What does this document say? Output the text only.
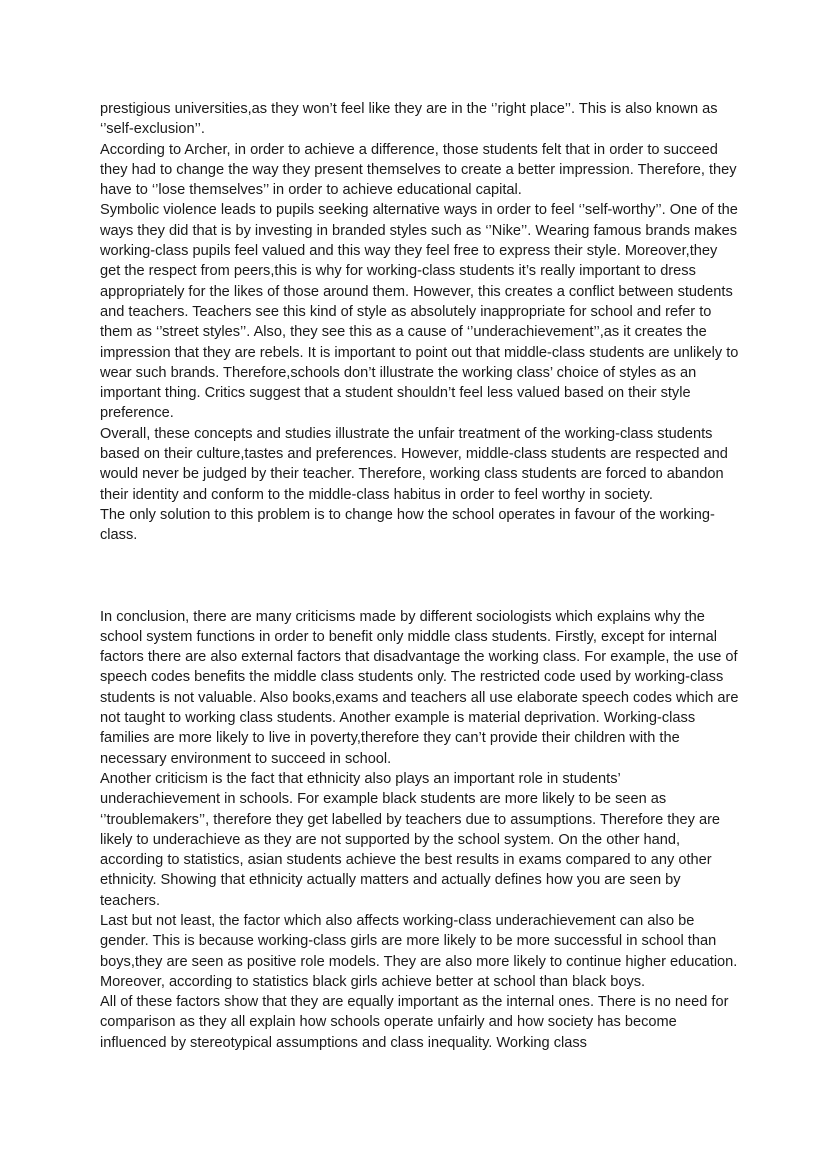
prestigious universities,as they won’t feel like they are in the ‘’right place’’. This is also known as ‘’self-exclusion’’.

According to Archer, in order to achieve a difference, those students felt that in order to succeed they had to change the way they present themselves to create a better impression. Therefore, they have to ‘’lose themselves’’ in order to achieve educational capital.

Symbolic violence leads to pupils seeking alternative ways in order to feel ‘’self-worthy’’. One of the ways they did that is by investing in branded styles such as ‘’Nike’’. Wearing famous brands makes working-class pupils feel valued and this way they feel free to express their style. Moreover,they get the respect from peers,this is why for working-class students it’s really important to dress appropriately for the likes of those around them. However, this creates a conflict between students and teachers. Teachers see this kind of style as absolutely inappropriate for school and refer to them as ‘’street styles’’. Also, they see this as a cause of ‘’underachievement’’,as it creates the impression that they are rebels. It is important to point out that middle-class students are unlikely to wear such brands. Therefore,schools don’t illustrate the working class’ choice of styles as an important thing. Critics suggest that a student shouldn’t feel less valued based on their style preference.

Overall, these concepts and studies illustrate the unfair treatment of the working-class students based on their culture,tastes and preferences. However, middle-class students are respected and would never be judged by their teacher. Therefore, working class students are forced to abandon their identity and conform to the middle-class habitus in order to feel worthy in society.

The only solution to this problem is to change how the school operates in favour of the working-class.

In conclusion, there are many criticisms made by different sociologists which explains why the school system functions in order to benefit only middle class students. Firstly, except for internal factors there are also external factors that disadvantage the working class. For example, the use of speech codes benefits the middle class students only. The restricted code used by working-class students is not valuable. Also books,exams and teachers all use elaborate speech codes which are not taught to working class students. Another example is material deprivation. Working-class families are more likely to live in poverty,therefore they can’t provide their children with the necessary environment to succeed in school.

Another criticism is the fact that ethnicity also plays an important role in students’ underachievement in schools. For example black students are more likely to be seen as ‘’troublemakers’’, therefore they get labelled by teachers due to assumptions. Therefore they are likely to underachieve as they are not supported by the school system. On the other hand, according to statistics, asian students achieve the best results in exams compared to any other ethnicity. Showing that ethnicity actually matters and actually defines how you are seen by teachers.

Last but not least, the factor which also affects working-class underachievement can also be gender. This is because working-class girls are more likely to be more successful in school than boys,they are seen as positive role models. They are also more likely to continue higher education. Moreover, according to statistics black girls achieve better at school than black boys.

All of these factors show that they are equally important as the internal ones. There is no need for comparison as they all explain how schools operate unfairly and how society has become influenced by stereotypical assumptions and class inequality. Working class
